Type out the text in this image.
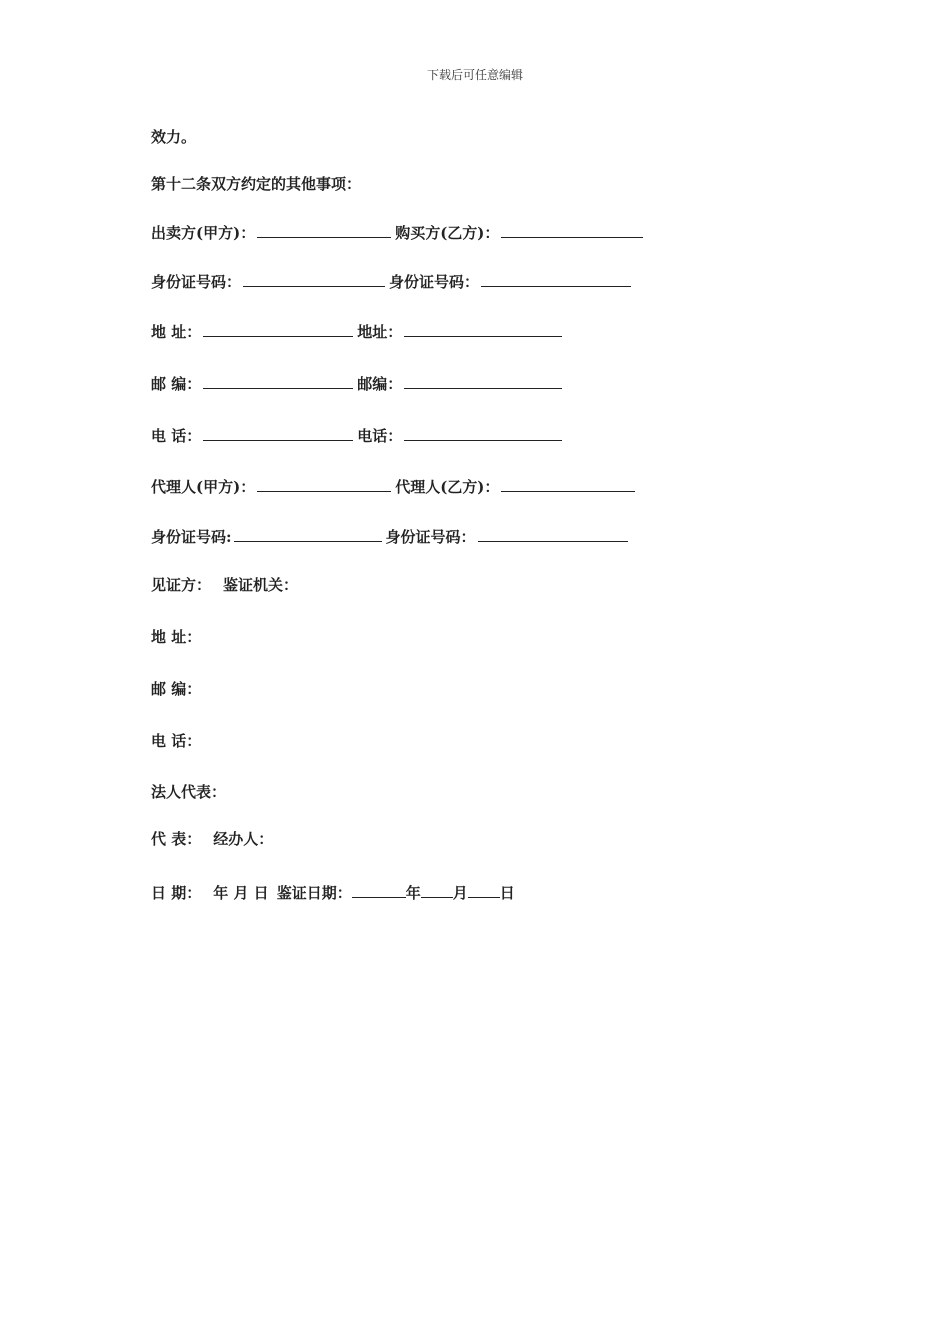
下载后可任意编辑
效力。
第十二条双方约定的其他事项：
出卖方(甲方)：	购买方(乙方)：
身份证号码：	身份证号码：
地 址：	地址：
邮 编：	邮编：
电 话：	电话：
代理人(甲方)：	代理人(乙方)：
身份证号码:	身份证号码：
见证方： 鉴证机关：
地 址：
邮 编：
电 话：
法人代表：
代 表： 经办人：
日 期： 年 月 日 鉴证日期：	年 月 日
